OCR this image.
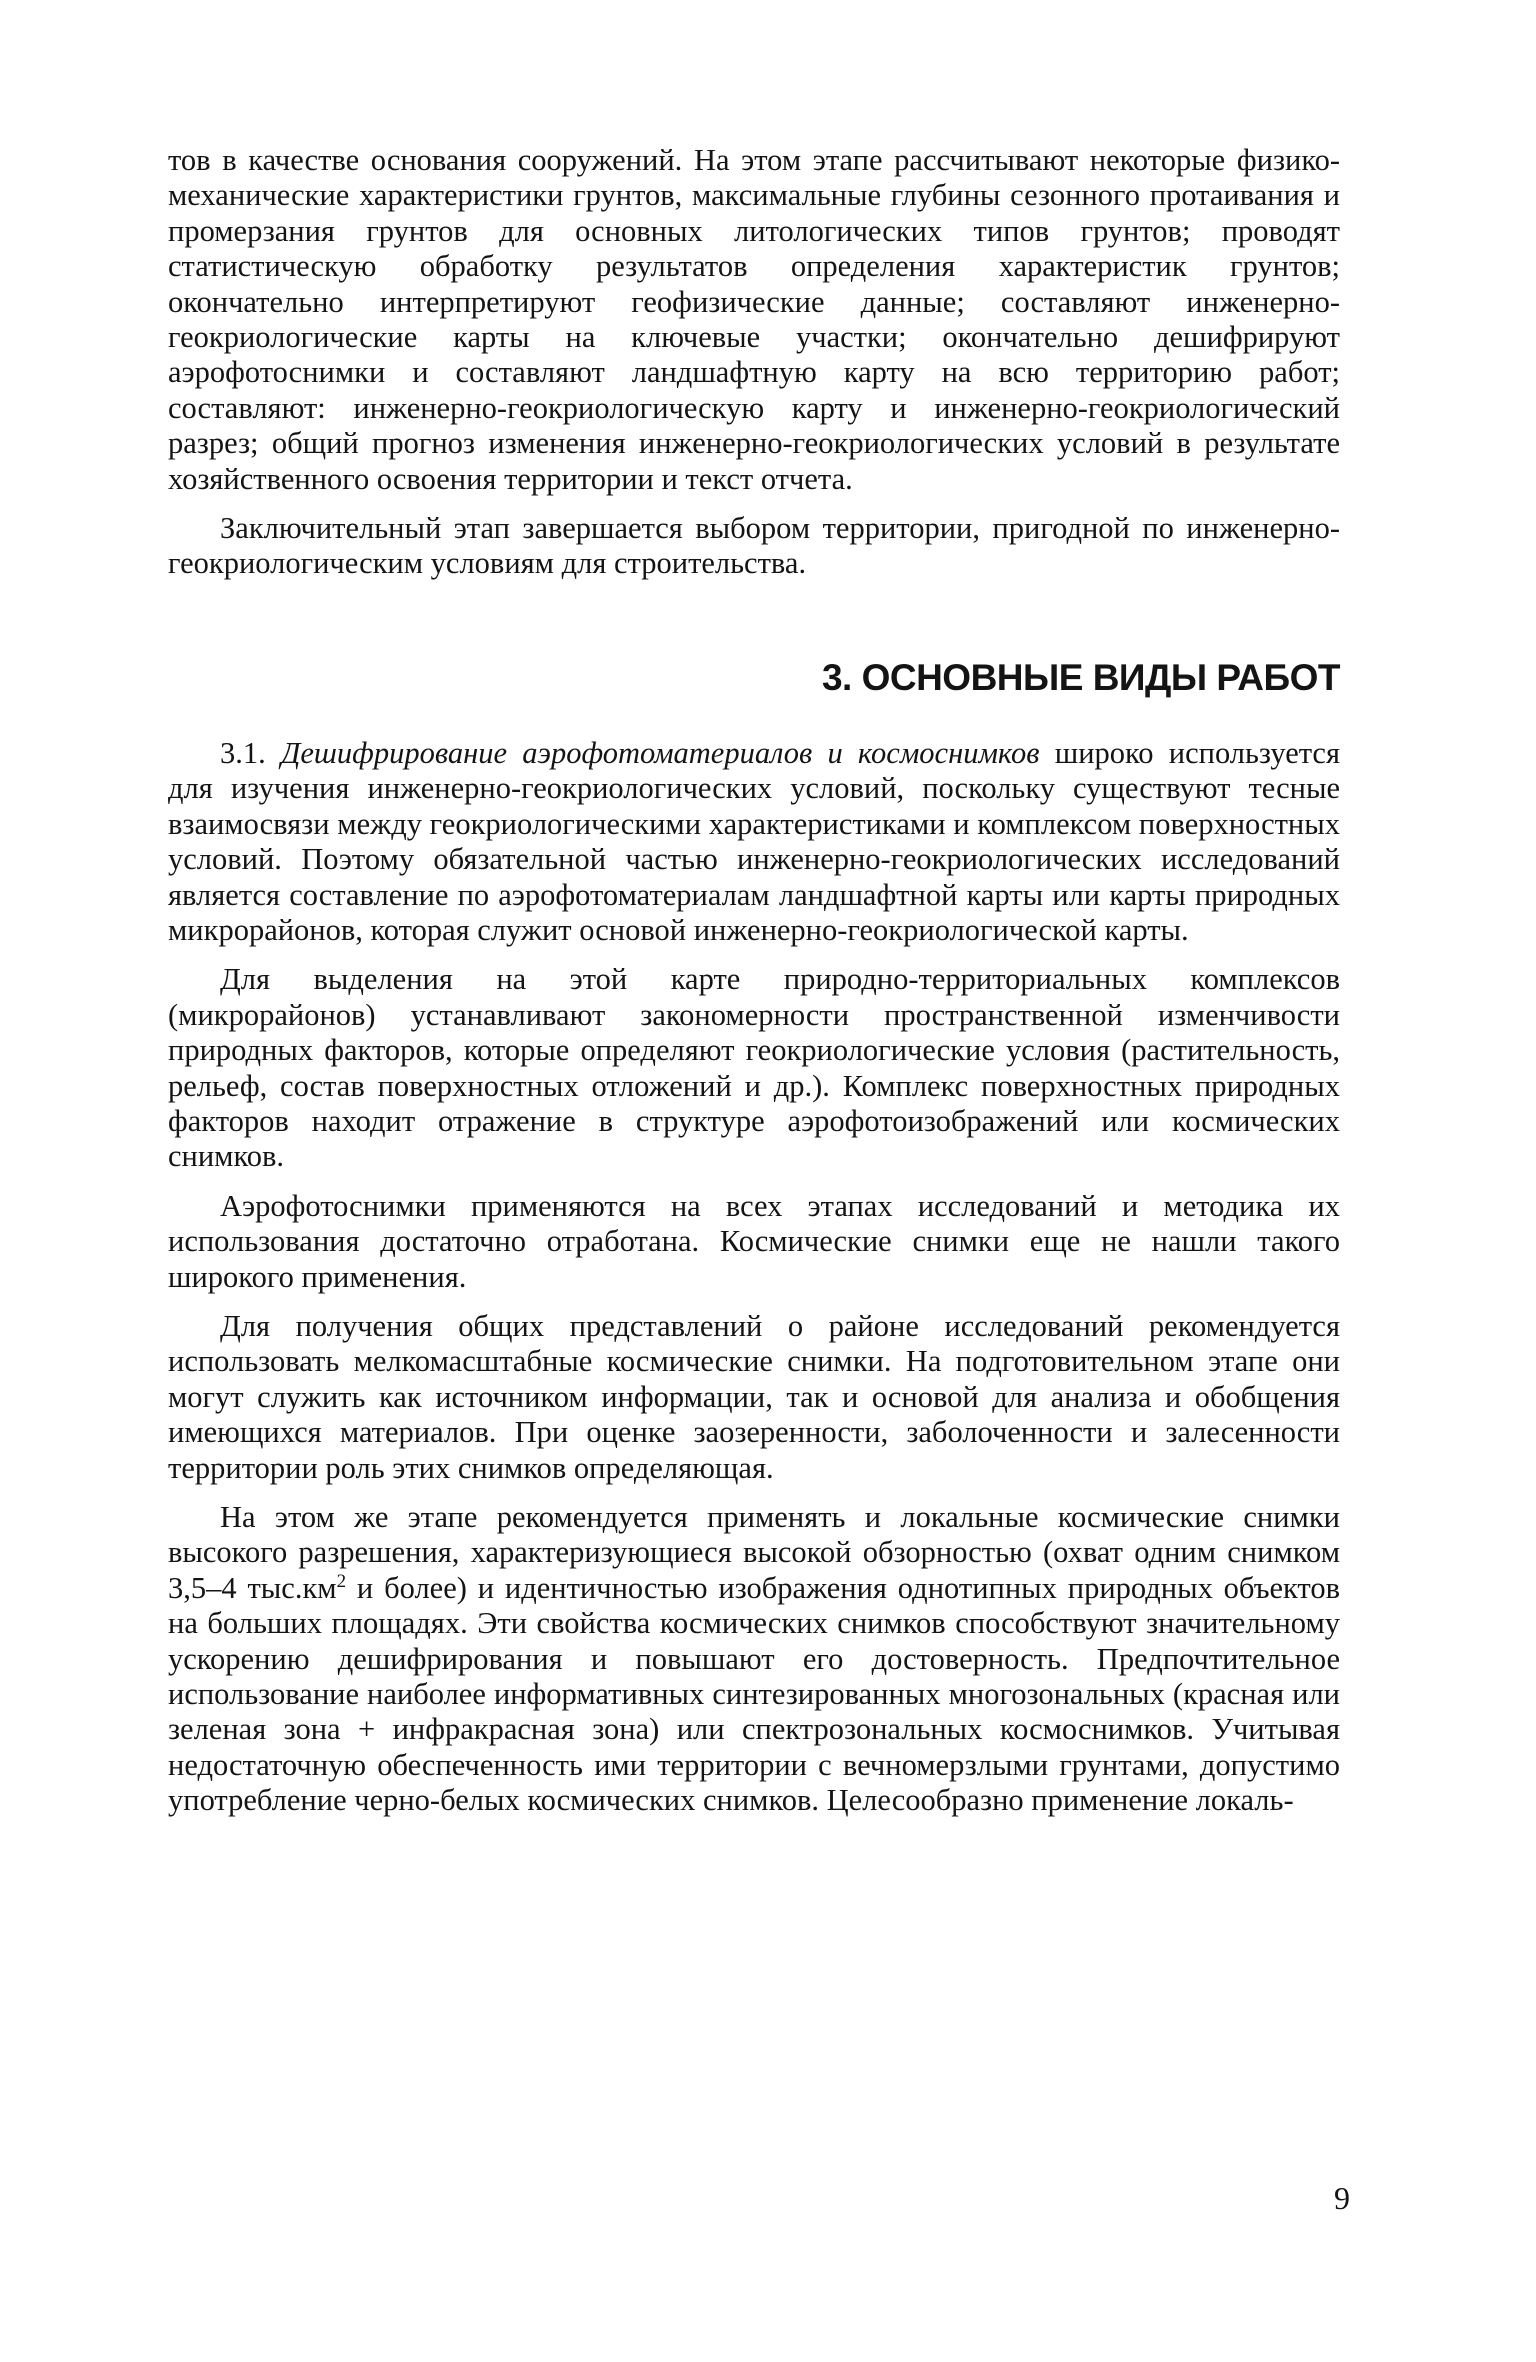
тов в качестве основания сооружений. На этом этапе рассчитывают некоторые физико-механические характеристики грунтов, максимальные глубины сезонного протаивания и промерзания грунтов для основных литологических типов грунтов; проводят статистическую обработку результатов определения характеристик грунтов; окончательно интерпретируют геофизические данные; составляют инженерно-геокриологические карты на ключевые участки; окончательно дешифрируют аэрофотоснимки и составляют ландшафтную карту на всю территорию работ; составляют: инженерно-геокриологическую карту и инженерно-геокриологический разрез; общий прогноз изменения инженерно-геокриологических условий в результате хозяйственного освоения территории и текст отчета.

Заключительный этап завершается выбором территории, пригодной по инженерно-геокриологическим условиям для строительства.

3. ОСНОВНЫЕ ВИДЫ РАБОТ

3.1. Дешифрирование аэрофотоматериалов и космоснимков широко используется для изучения инженерно-геокриологических условий, поскольку существуют тесные взаимосвязи между геокриологическими характеристиками и комплексом поверхностных условий. Поэтому обязательной частью инженерно-геокриологических исследований является составление по аэрофотоматериалам ландшафтной карты или карты природных микрорайонов, которая служит основой инженерно-геокриологической карты.

Для выделения на этой карте природно-территориальных комплексов (микрорайонов) устанавливают закономерности пространственной изменчивости природных факторов, которые определяют геокриологические условия (растительность, рельеф, состав поверхностных отложений и др.). Комплекс поверхностных природных факторов находит отражение в структуре аэрофотоизображений или космических снимков.

Аэрофотоснимки применяются на всех этапах исследований и методика их использования достаточно отработана. Космические снимки еще не нашли такого широкого применения.

Для получения общих представлений о районе исследований рекомендуется использовать мелкомасштабные космические снимки. На подготовительном этапе они могут служить как источником информации, так и основой для анализа и обобщения имеющихся материалов. При оценке заозеренности, заболоченности и залесенности территории роль этих снимков определяющая.

На этом же этапе рекомендуется применять и локальные космические снимки высокого разрешения, характеризующиеся высокой обзорностью (охват одним снимком 3,5–4 $тыс.км^2$ и более) и идентичностью изображения однотипных природных объектов на больших площадях. Эти свойства космических снимков способствуют значительному ускорению дешифрирования и повышают его достоверность. Предпочтительное использование наиболее информативных синтезированных многозональных (красная или зеленая зона + инфракрасная зона) или спектрозональных космоснимков. Учитывая недостаточную обеспеченность ими территории с вечномерзлыми грунтами, допустимо употребление черно-белых космических снимков. Целесообразно применение локаль-

9
